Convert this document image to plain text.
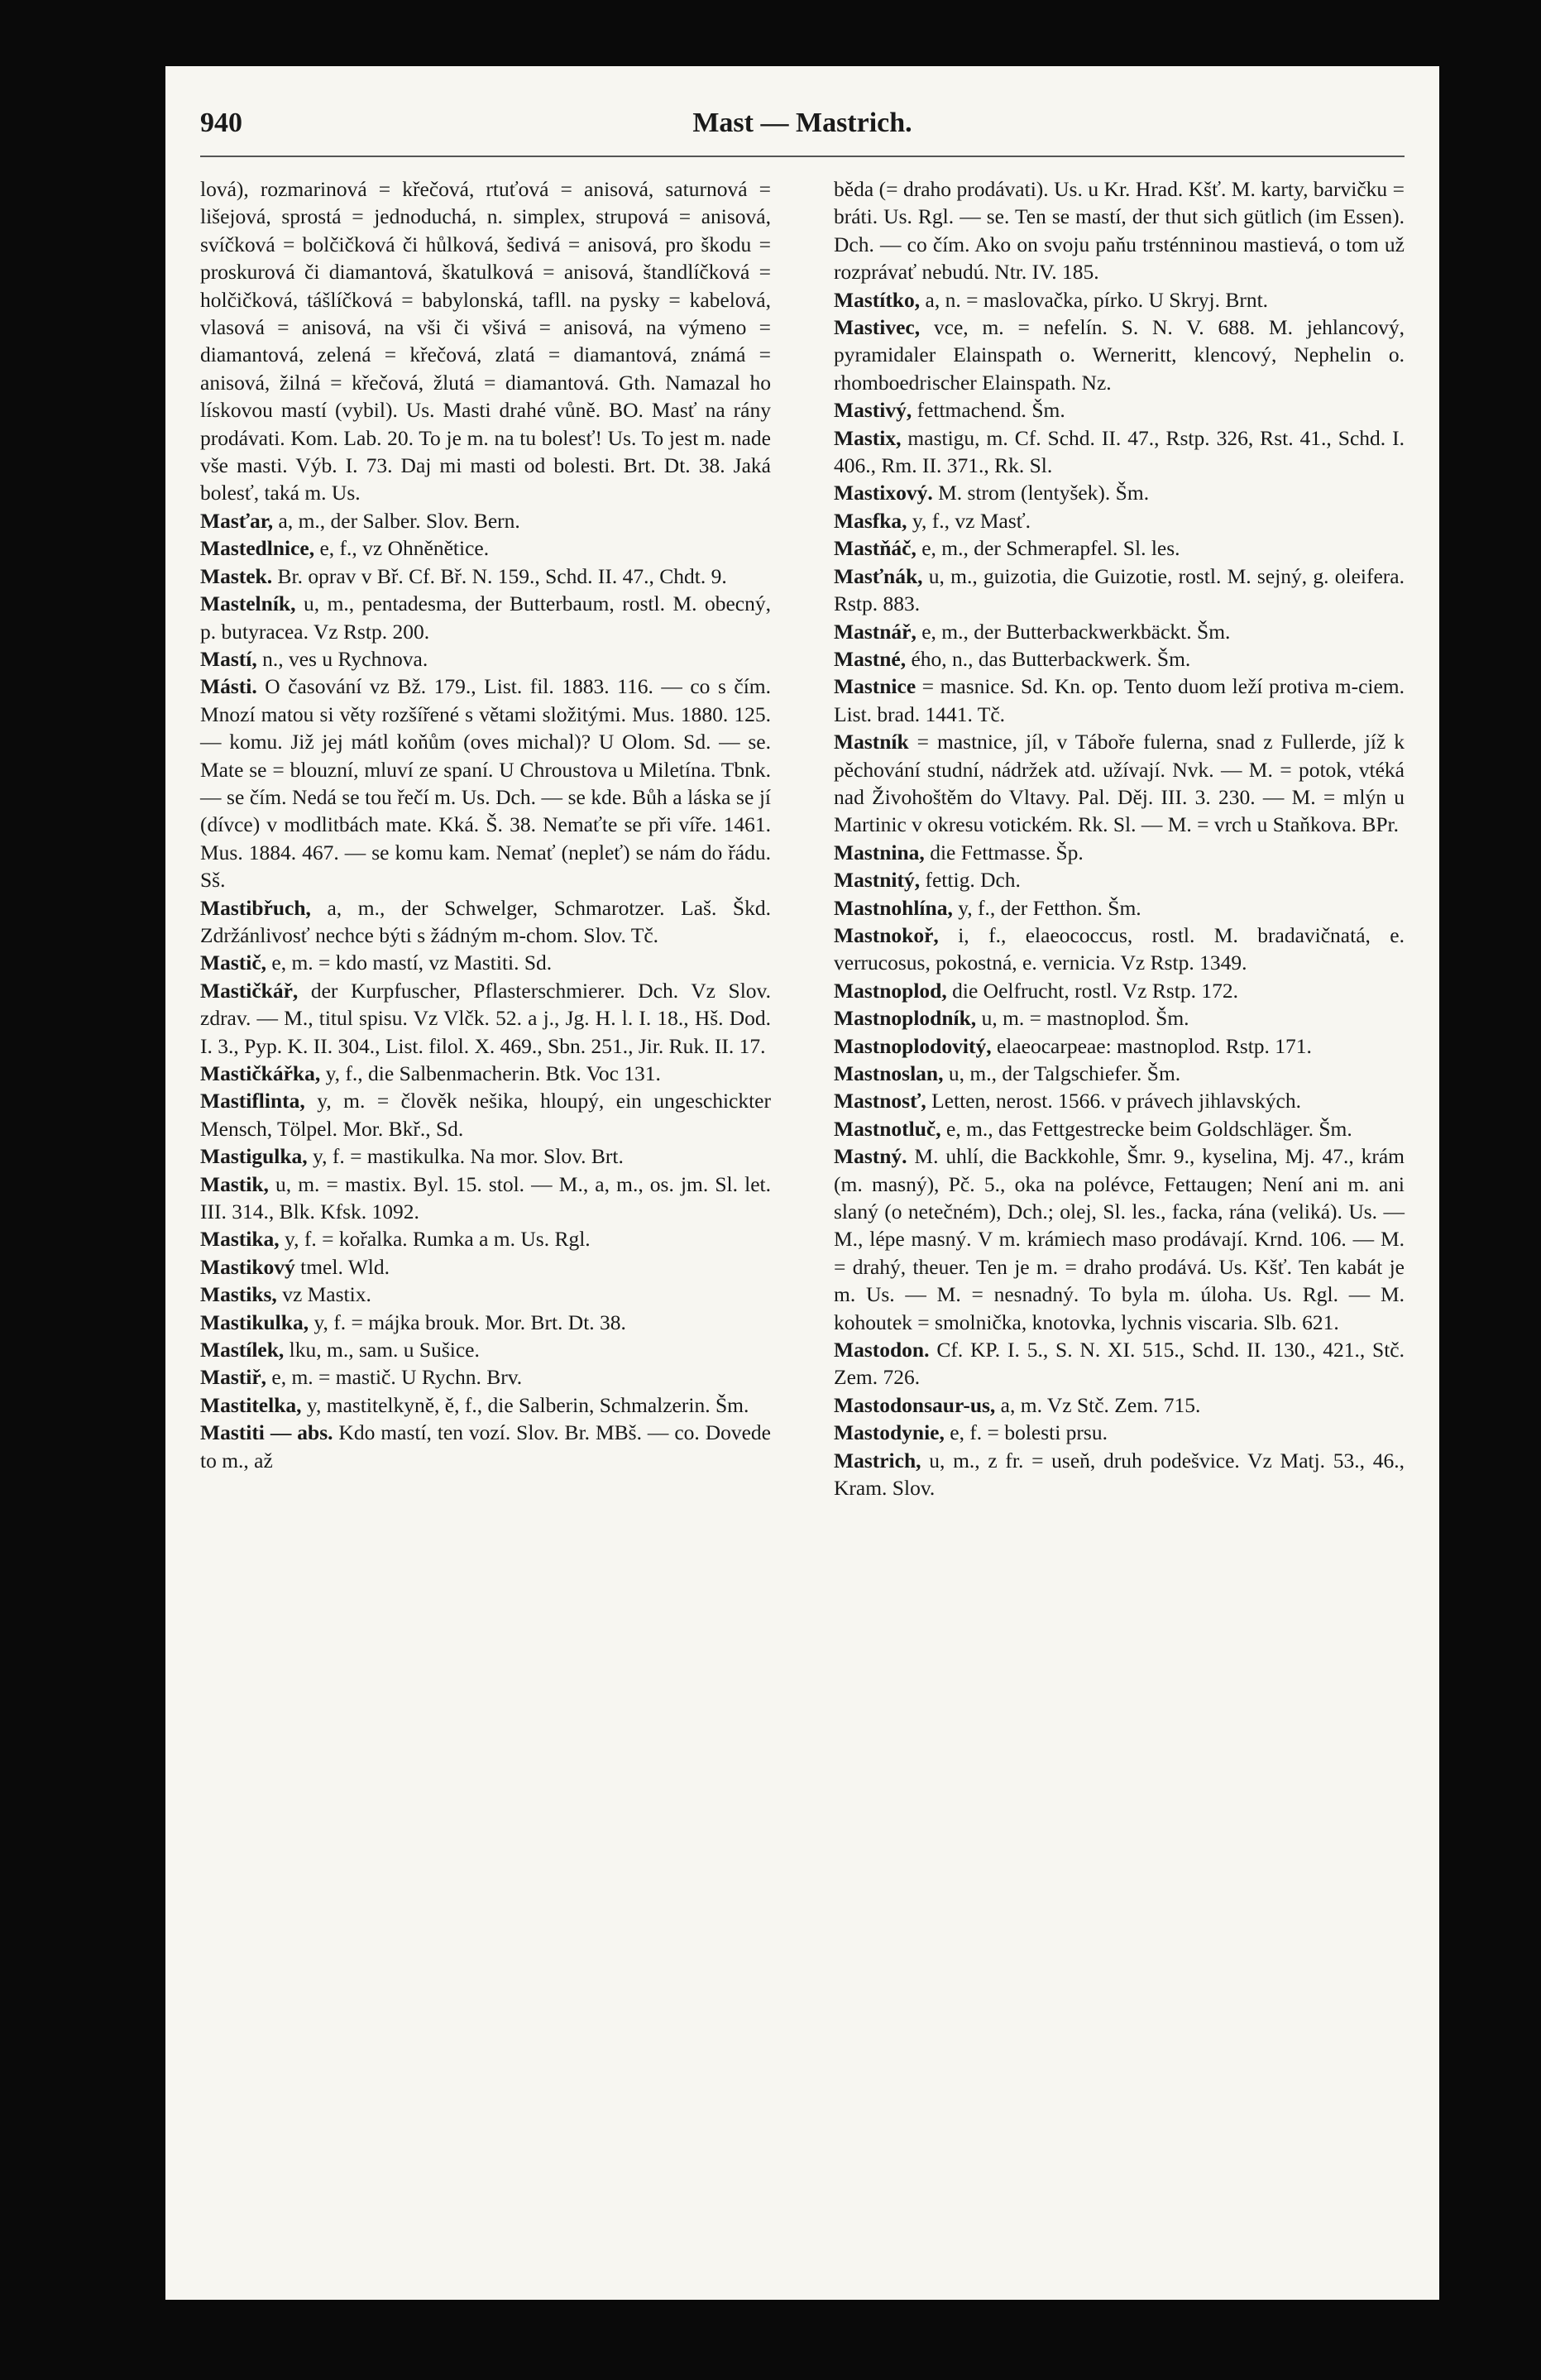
940	Mast — Mastrich.

lová), rozmarinová = křečová, rtuťová = anisová, saturnová = lišejová, sprostá = jednoduchá, n. simplex, strupová = anisová, svíčková = bolčičková či hůlková, šedivá = anisová, pro škodu = proskurová či diamantová, škatulková = anisová, štandlíčková = holčičková, tášlíčková = babylonská, tafll. na pysky = kabelová, vlasová = anisová, na vši či všivá = anisová, na výmeno = diamantová, zelená = křečová, zlatá = diamantová, známá = anisová, žilná = křečová, žlutá = diamantová. Gth. Namazal ho lískovou mastí (vybil). Us. Masti drahé vůně. BO. Masť na rány prodávati. Kom. Lab. 20. To je m. na tu bolesť! Us. To jest m. nade vše masti. Výb. I. 73. Daj mi masti od bolesti. Brt. Dt. 38. Jaká bolesť, taká m. Us.

Masťar, a, m., der Salber. Slov. Bern.

Mastedlnice, e, f., vz Ohněnětice.

Mastek. Br. oprav v Bř. Cf. Bř. N. 159., Schd. II. 47., Chdt. 9.

Mastelník, u, m., pentadesma, der Butterbaum, rostl. M. obecný, p. butyracea. Vz Rstp. 200.

Mastí, n., ves u Rychnova.

Másti. O časování vz Bž. 179., List. fil. 1883. 116. — co s čím. Mnozí matou si věty rozšířené s větami složitými. Mus. 1880. 125. — komu. Již jej mátl koňům (oves michal)? U Olom. Sd. — se. Mate se = blouzní, mluví ze spaní. U Chroustova u Miletína. Tbnk. — se čím. Nedá se tou řečí m. Us. Dch. — se kde. Bůh a láska se jí (dívce) v modlitbách mate. Kká. Š. 38. Nemaťte se při víře. 1461. Mus. 1884. 467. — se komu kam. Nemať (nepleť) se nám do řádu. Sš.

Mastibřuch, a, m., der Schwelger, Schmarotzer. Laš. Škd. Zdržánlivosť nechce býti s žádným m-chom. Slov. Tč.

Mastič, e, m. = kdo mastí, vz Mastiti. Sd.

Mastičkář, der Kurpfuscher, Pflasterschmierer. Dch. Vz Slov. zdrav. — M., titul spisu. Vz Vlčk. 52. a j., Jg. H. l. I. 18., Hš. Dod. I. 3., Pyp. K. II. 304., List. filol. X. 469., Sbn. 251., Jir. Ruk. II. 17.

Mastičkářka, y, f., die Salbenmacherin. Btk. Voc 131.

Mastiflinta, y, m. = člověk nešika, hloupý, ein ungeschickter Mensch, Tölpel. Mor. Bkř., Sd.

Mastigulka, y, f. = mastikulka. Na mor. Slov. Brt.

Mastik, u, m. = mastix. Byl. 15. stol. — M., a, m., os. jm. Sl. let. III. 314., Blk. Kfsk. 1092.

Mastika, y, f. = kořalka. Rumka a m. Us. Rgl.

Mastikový tmel. Wld.

Mastiks, vz Mastix.

Mastikulka, y, f. = májka brouk. Mor. Brt. Dt. 38.

Mastílek, lku, m., sam. u Sušice.

Mastiř, e, m. = mastič. U Rychn. Brv.

Mastitelka, y, mastitelkyně, ě, f., die Salberin, Schmalzerin. Šm.

Mastiti — abs. Kdo mastí, ten vozí. Slov. Br. MBš. — co. Dovede to m., až

běda (= draho prodávati). Us. u Kr. Hrad. Kšť. M. karty, barvičku = bráti. Us. Rgl. — se. Ten se mastí, der thut sich gütlich (im Essen). Dch. — co čím. Ako on svoju paňu trsténninou mastievá, o tom už rozprávať nebudú. Ntr. IV. 185.

Mastítko, a, n. = maslovačka, pírko. U Skryj. Brnt.

Mastivec, vce, m. = nefelín. S. N. V. 688. M. jehlancový, pyramidaler Elainspath o. Werneritt, klencový, Nephelin o. rhomboedrischer Elainspath. Nz.

Mastivý, fettmachend. Šm.

Mastix, mastigu, m. Cf. Schd. II. 47., Rstp. 326, Rst. 41., Schd. I. 406., Rm. II. 371., Rk. Sl.

Mastixový. M. strom (lentyšek). Šm.

Masfka, y, f., vz Masť.

Mastňáč, e, m., der Schmerapfel. Sl. les.

Masťnák, u, m., guizotia, die Guizotie, rostl. M. sejný, g. oleifera. Rstp. 883.

Mastnář, e, m., der Butterbackwerkbäckt. Šm.

Mastné, ého, n., das Butterbackwerk. Šm.

Mastnice = masnice. Sd. Kn. op. Tento duom leží protiva m-ciem. List. brad. 1441. Tč.

Mastník = mastnice, jíl, v Táboře fulerna, snad z Fullerde, jíž k pěchování studní, nádržek atd. užívají. Nvk. — M. = potok, vtéká nad Živohoštěm do Vltavy. Pal. Děj. III. 3. 230. — M. = mlýn u Martinic v okresu votickém. Rk. Sl. — M. = vrch u Staňkova. BPr.

Mastnina, die Fettmasse. Šp.

Mastnitý, fettig. Dch.

Mastnohlína, y, f., der Fetthon. Šm.

Mastnokoř, i, f., elaeococcus, rostl. M. bradavičnatá, e. verrucosus, pokostná, e. vernicia. Vz Rstp. 1349.

Mastnoplod, die Oelfrucht, rostl. Vz Rstp. 172.

Mastnoplodník, u, m. = mastnoplod. Šm.

Mastnoplodovitý, elaeocarpeae: mastnoplod. Rstp. 171.

Mastnoslan, u, m., der Talgschiefer. Šm.

Mastnosť, Letten, nerost. 1566. v právech jihlavských.

Mastnotluč, e, m., das Fettgestrecke beim Goldschläger. Šm.

Mastný. M. uhlí, die Backkohle, Šmr. 9., kyselina, Mj. 47., krám (m. masný), Pč. 5., oka na polévce, Fettaugen; Není ani m. ani slaný (o netečném), Dch.; olej, Sl. les., facka, rána (veliká). Us. — M., lépe masný. V m. krámiech maso prodávají. Krnd. 106. — M. = drahý, theuer. Ten je m. = draho prodává. Us. Kšť. Ten kabát je m. Us. — M. = nesnadný. To byla m. úloha. Us. Rgl. — M. kohoutek = smolnička, knotovka, lychnis viscaria. Slb. 621.

Mastodon. Cf. KP. I. 5., S. N. XI. 515., Schd. II. 130., 421., Stč. Zem. 726.

Mastodonsaur-us, a, m. Vz Stč. Zem. 715.

Mastodynie, e, f. = bolesti prsu.

Mastrich, u, m., z fr. = useň, druh podešvice. Vz Matj. 53., 46., Kram. Slov.
